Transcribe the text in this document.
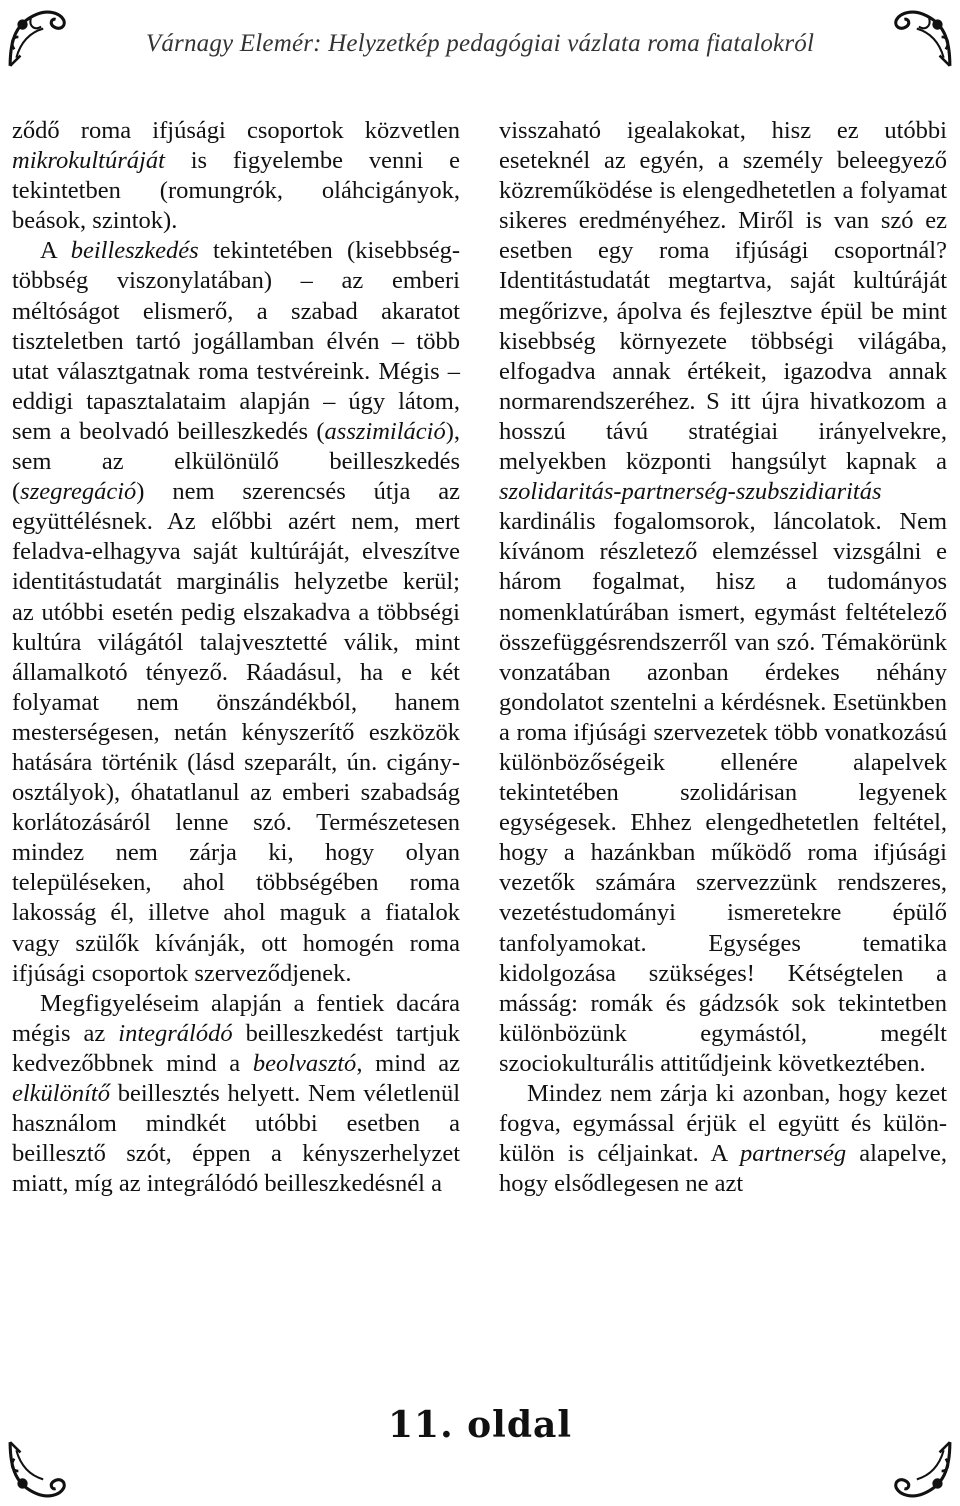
Várnagy Elemér: Helyzetkép pedagógiai vázlata roma fiatalokról

ződő roma ifjúsági csoportok közvetlen mikrokultúráját is figyelembe venni e tekintetben (romungrók, oláhcigányok, beások, szintok).

A beilleszkedés tekintetében (kisebbség-többség viszonylatában) – az emberi méltóságot elismerő, a szabad akaratot tiszteletben tartó jogállamban élvén – több utat választgatnak roma testvéreink. Mégis – eddigi tapasztalataim alapján – úgy látom, sem a beolvadó beilleszkedés (asszimiláció), sem az elkülönülő beilleszkedés (szegregáció) nem szerencsés útja az együttélésnek. Az előbbi azért nem, mert feladva-elhagyva saját kultúráját, elveszítve identitástudatát marginális helyzetbe kerül; az utóbbi esetén pedig elszakadva a többségi kultúra világától talajvesztetté válik, mint államalkotó tényező. Ráadásul, ha e két folyamat nem önszándékból, hanem mesterségesen, netán kényszerítő eszközök hatására történik (lásd szeparált, ún. cigány-osztályok), óhatatlanul az emberi szabadság korlátozásáról lenne szó. Természetesen mindez nem zárja ki, hogy olyan településeken, ahol többségében roma lakosság él, illetve ahol maguk a fiatalok vagy szülők kívánják, ott homogén roma ifjúsági csoportok szerveződjenek.

Megfigyeléseim alapján a fentiek dacára mégis az integrálódó beilleszkedést tartjuk kedvezőbbnek mind a beolvasztó, mind az elkülönítő beillesztés helyett. Nem véletlenül használom mindkét utóbbi esetben a beillesztő szót, éppen a kényszerhelyzet miatt, míg az integrálódó beilleszkedésnél a

visszaható igealakokat, hisz ez utóbbi eseteknél az egyén, a személy beleegyező közreműködése is elengedhetetlen a folyamat sikeres eredményéhez. Miről is van szó ez esetben egy roma ifjúsági csoportnál? Identitástudatát megtartva, saját kultúráját megőrizve, ápolva és fejlesztve épül be mint kisebbség környezete többségi világába, elfogadva annak értékeit, igazodva annak normarendszeréhez. S itt újra hivatkozom a hosszú távú stratégiai irányelvekre, melyekben központi hangsúlyt kapnak a szolidaritás-partnerség-szubszidiaritás kardinális fogalomsorok, láncolatok. Nem kívánom részletező elemzéssel vizsgálni e három fogalmat, hisz a tudományos nomenklatúrában ismert, egymást feltételező összefüggésrendszerről van szó. Témakörünk vonzatában azonban érdekes néhány gondolatot szentelni a kérdésnek. Esetünkben a roma ifjúsági szervezetek több vonatkozású különbözőségeik ellenére alapelvek tekintetében szolidárisan legyenek egységesek. Ehhez elengedhetetlen feltétel, hogy a hazánkban működő roma ifjúsági vezetők számára szervezzünk rendszeres, vezetéstudományi ismeretekre épülő tanfolyamokat. Egységes tematika kidolgozása szükséges! Kétségtelen a másság: romák és gádzsók sok tekintetben különbözünk egymástól, megélt szociokulturális attitűdjeink következtében.

Mindez nem zárja ki azonban, hogy kezet fogva, egymással érjük el együtt és külön-külön is céljainkat. A partnerség alapelve, hogy elsődlegesen ne azt

11. oldal
